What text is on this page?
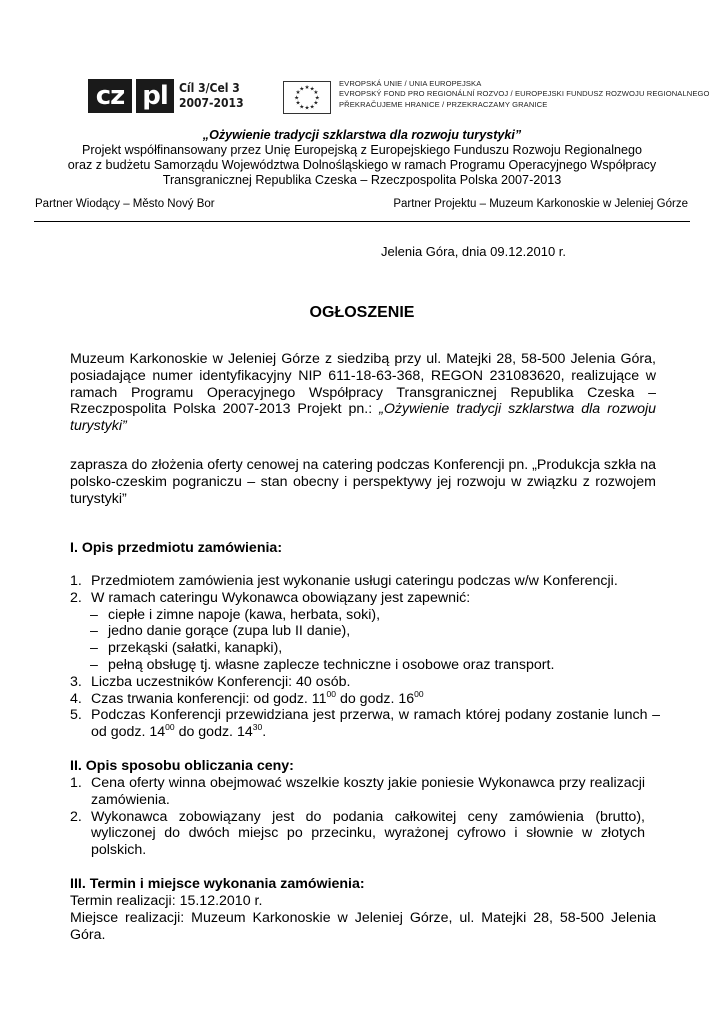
cz pl Cíl 3/Cel 3
2007-2013
★ ★
★
★
★
★
★
★
★
★
★
★
EVROPSKÁ UNIE / UNIA EUROPEJSKA
EVROPSKÝ FOND PRO REGIONÁLNÍ ROZVOJ / EUROPEJSKI FUNDUSZ ROZWOJU REGIONALNEGO
PŘEKRAČUJEME HRANICE / PRZEKRACZAMY GRANICE
„Ożywienie tradycji szklarstwa dla rozwoju turystyki”
Projekt współfinansowany przez Unię Europejską z Europejskiego Funduszu Rozwoju Regionalnego
oraz z budżetu Samorządu Województwa Dolnośląskiego w ramach Programu Operacyjnego Współpracy
Transgranicznej Republika Czeska – Rzeczpospolita Polska 2007-2013
Partner Wiodący – Město Nový Bor	Partner Projektu – Muzeum Karkonoskie w Jeleniej Górze
Jelenia Góra, dnia 09.12.2010 r.
OGŁOSZENIE
Muzeum Karkonoskie w Jeleniej Górze z siedzibą przy ul. Matejki 28, 58-500 Jelenia Góra, posiadające numer identyfikacyjny NIP 611-18-63-368, REGON 231083620, realizujące w ramach Programu Operacyjnego Współpracy Transgranicznej Republika Czeska – Rzeczpospolita Polska 2007-2013 Projekt pn.: „Ożywienie tradycji szklarstwa dla rozwoju turystyki”
zaprasza do złożenia oferty cenowej na catering podczas Konferencji pn. „Produkcja szkła na polsko-czeskim pograniczu – stan obecny i perspektywy jej rozwoju w związku z rozwojem turystyki”
I. Opis przedmiotu zamówienia:
1. Przedmiotem zamówienia jest wykonanie usługi cateringu podczas w/w Konferencji.
2. W ramach cateringu Wykonawca obowiązany jest zapewnić:
– ciepłe i zimne napoje (kawa, herbata, soki),
– jedno danie gorące (zupa lub II danie),
– przekąski (sałatki, kanapki),
– pełną obsługę tj. własne zaplecze techniczne i osobowe oraz transport.
3. Liczba uczestników Konferencji: 40 osób.
4. Czas trwania konferencji: od godz. $11^{00}$ do godz. $16^{00}$
5. Podczas Konferencji przewidziana jest przerwa, w ramach której podany zostanie lunch – od godz. $14^{00}$ do godz. $14^{30}$.
II. Opis sposobu obliczania ceny:
1. Cena oferty winna obejmować wszelkie koszty jakie poniesie Wykonawca przy realizacji zamówienia.
2. Wykonawca zobowiązany jest do podania całkowitej ceny zamówienia (brutto), wyliczonej do dwóch miejsc po przecinku, wyrażonej cyfrowo i słownie w złotych polskich.
III. Termin i miejsce wykonania zamówienia:
Termin realizacji: 15.12.2010 r.
Miejsce realizacji: Muzeum Karkonoskie w Jeleniej Górze, ul. Matejki 28, 58-500 Jelenia Góra.
